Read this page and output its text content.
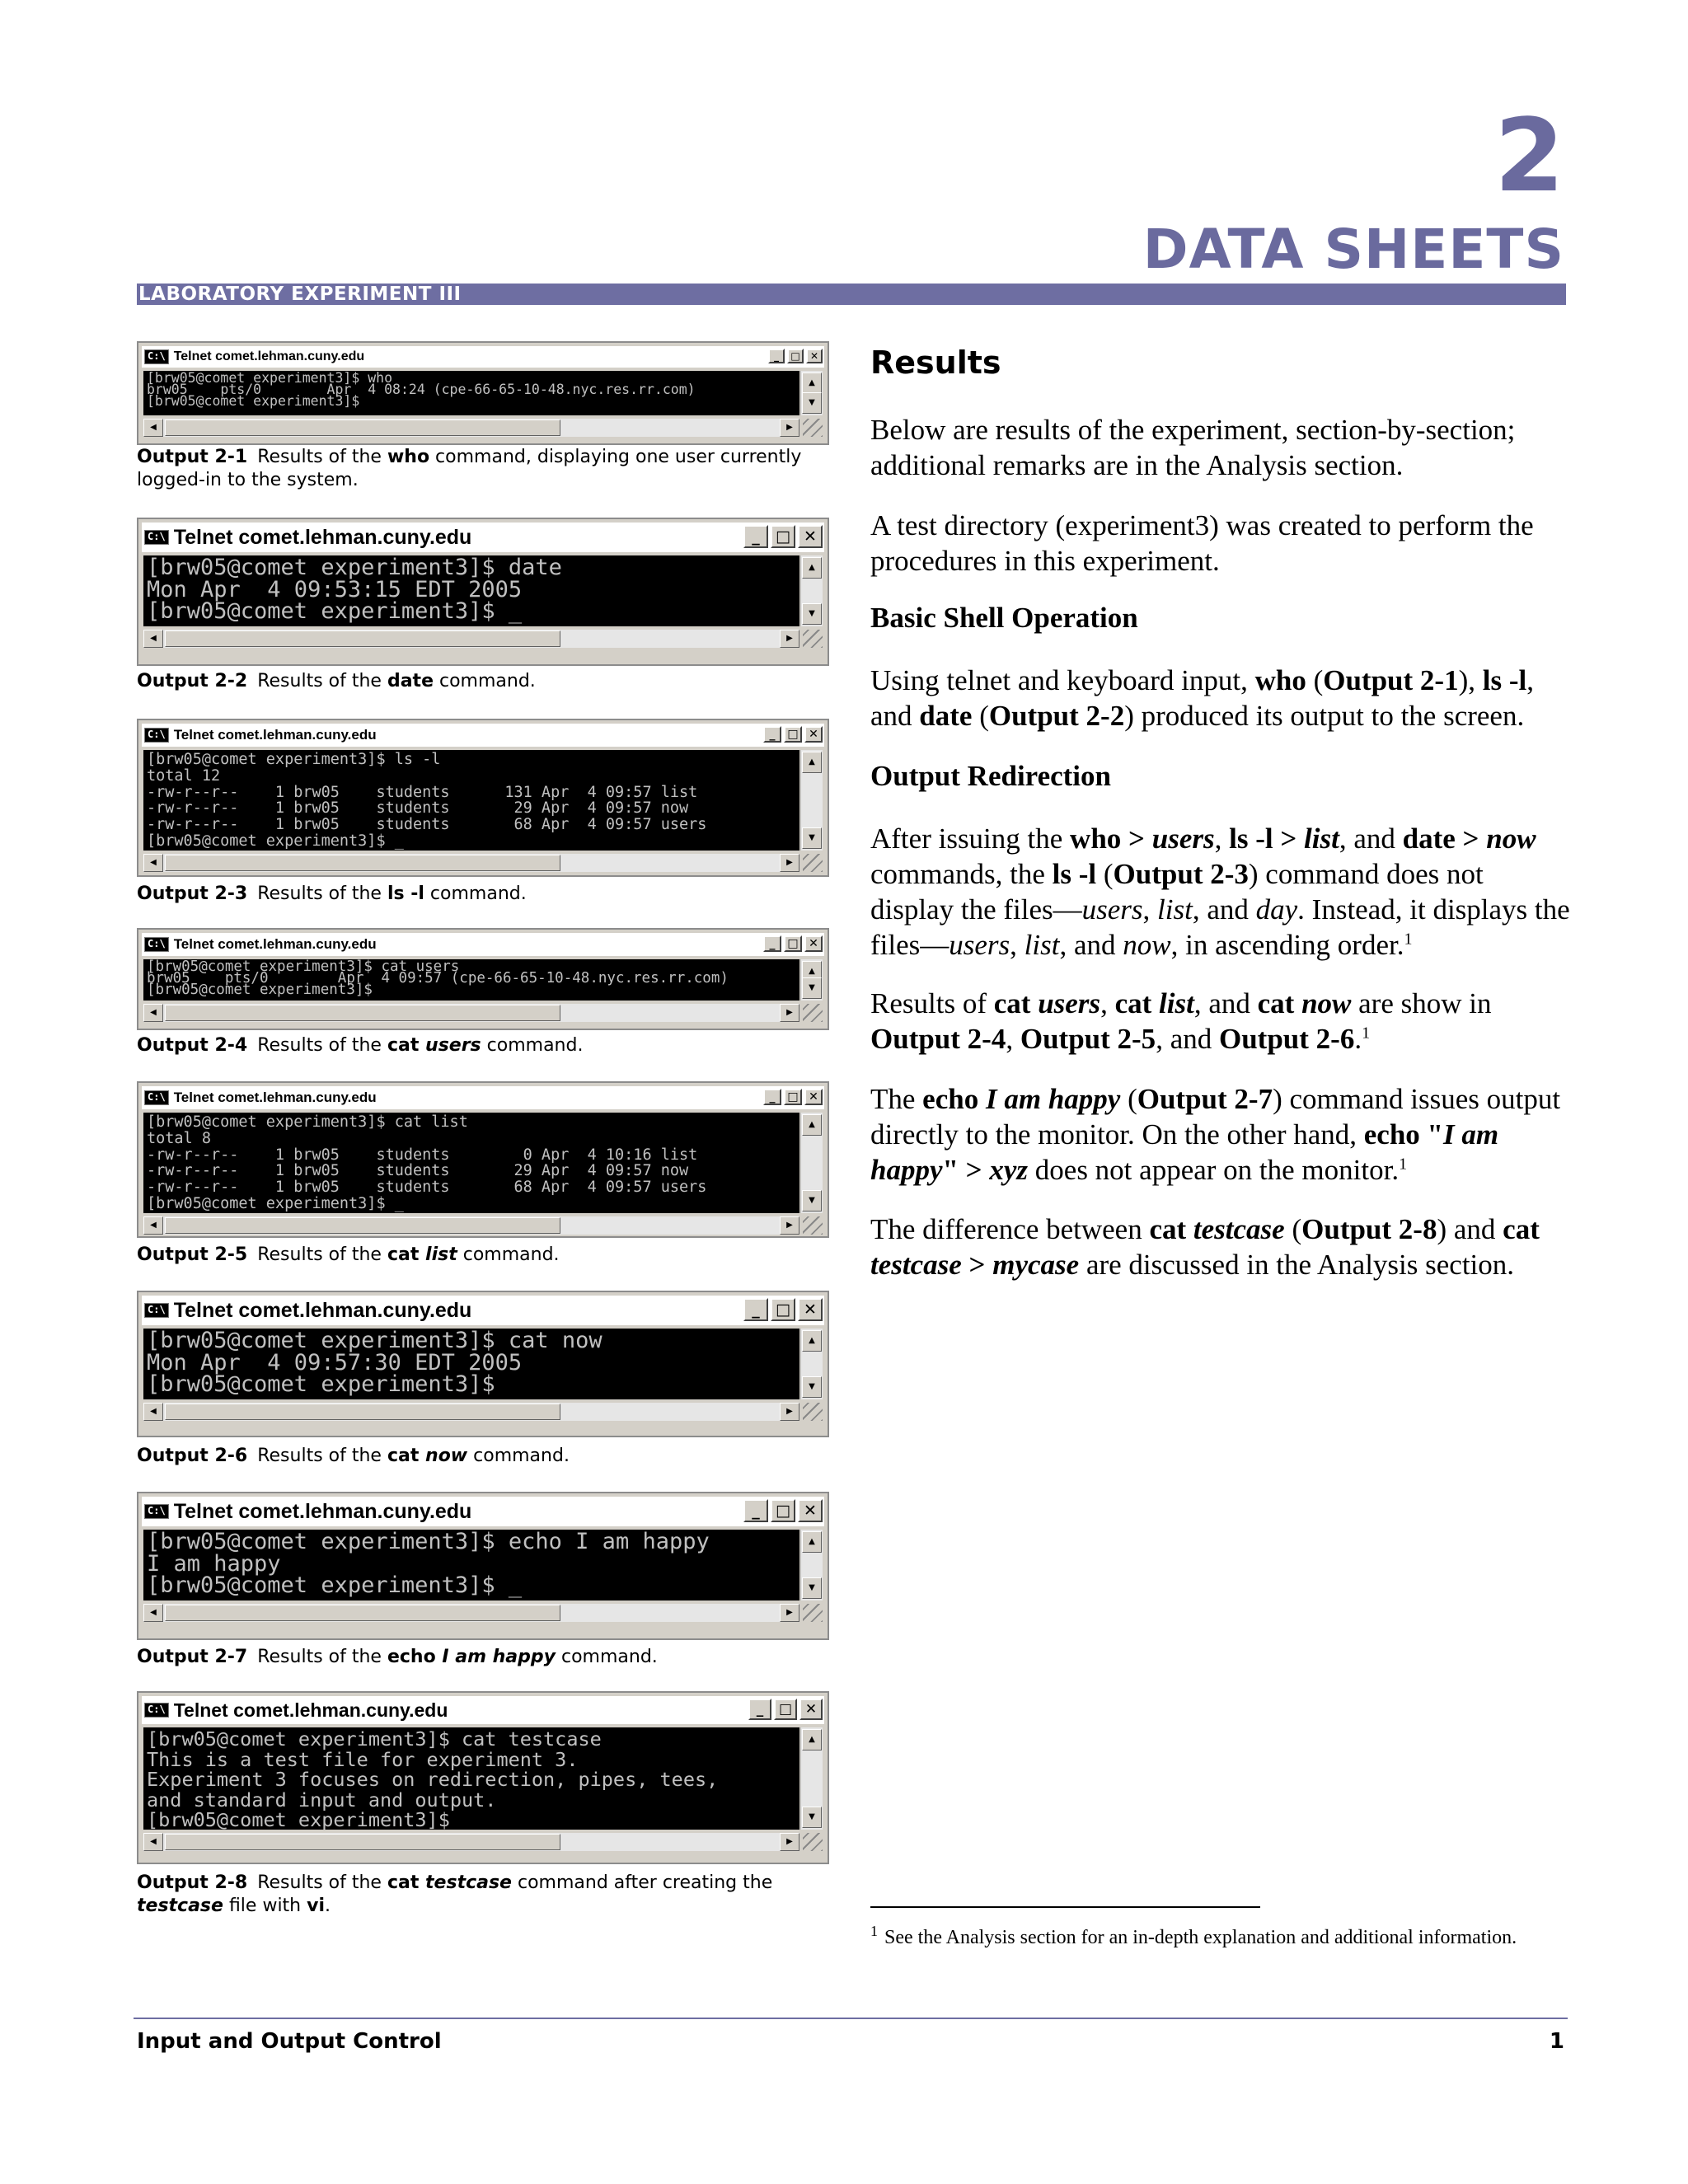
2
DATA SHEETS
LABORATORY EXPERIMENT III
C:\ Telnet comet.lehman.cuny.edu	_	□	✕
[brw05@comet experiment3]$ who
brw05    pts/0        Apr  4 08:24 (cpe-66-65-10-48.nyc.res.rr.com)
[brw05@comet experiment3]$
▲
▼
◀	▶
Output 2-1 Results of the who command, displaying one user currently logged-in to the system.
C:\ Telnet comet.lehman.cuny.edu	_	□ ✕
[brw05@comet experiment3]$ date
Mon Apr  4 09:53:15 EDT 2005
[brw05@comet experiment3]$ _
▲
▼
◀	▶
Output 2-2 Results of the date command.
C:\ Telnet comet.lehman.cuny.edu	_	□ ✕
[brw05@comet experiment3]$ ls -l
total 12
-rw-r--r--    1 brw05    students      131 Apr  4 09:57 list
-rw-r--r--    1 brw05    students       29 Apr  4 09:57 now
-rw-r--r--    1 brw05    students       68 Apr  4 09:57 users
[brw05@comet experiment3]$ _
▲
▼
◀	▶
Output 2-3 Results of the ls -l command.
C:\ Telnet comet.lehman.cuny.edu	_	□ ✕
[brw05@comet experiment3]$ cat users
brw05    pts/0        Apr  4 09:57 (cpe-66-65-10-48.nyc.res.rr.com)
[brw05@comet experiment3]$
▲
▼
◀	▶
Output 2-4 Results of the cat users command.
C:\ Telnet comet.lehman.cuny.edu	_	□ ✕
[brw05@comet experiment3]$ cat list
total 8
-rw-r--r--    1 brw05    students        0 Apr  4 10:16 list
-rw-r--r--    1 brw05    students       29 Apr  4 09:57 now
-rw-r--r--    1 brw05    students       68 Apr  4 09:57 users
[brw05@comet experiment3]$ _
▲
▼
◀	▶
Output 2-5 Results of the cat list command.
C:\ Telnet comet.lehman.cuny.edu	_	□ ✕
[brw05@comet experiment3]$ cat now
Mon Apr  4 09:57:30 EDT 2005
[brw05@comet experiment3]$
▲
▼
◀	▶
Output 2-6 Results of the cat now command.
C:\ Telnet comet.lehman.cuny.edu	_	□ ✕
[brw05@comet experiment3]$ echo I am happy
I am happy
[brw05@comet experiment3]$ _
▲
▼
◀	▶
Output 2-7 Results of the echo I am happy command.
C:\ Telnet comet.lehman.cuny.edu	_	□ ✕
[brw05@comet experiment3]$ cat testcase
This is a test file for experiment 3.
Experiment 3 focuses on redirection, pipes, tees,
and standard input and output.
[brw05@comet experiment3]$
▲
▼
◀	▶
Output 2-8 Results of the cat testcase command after creating the testcase file with vi.
Results
Below are results of the experiment, section-by-section; additional remarks are in the Analysis section.
A test directory (experiment3) was created to perform the procedures in this experiment.
Basic Shell Operation
Using telnet and keyboard input, who (Output 2-1), ls -l, and date (Output 2-2) produced its output to the screen.
Output Redirection
After issuing the who > users, ls -l > list, and date > now commands, the ls -l (Output 2-3) command does not display the files—users, list, and day. Instead, it displays the files—users, list, and now, in ascending order.$^1$
Results of cat users, cat list, and cat now are show in Output 2-4, Output 2-5, and Output 2-6.$^1$
The echo I am happy (Output 2-7) command issues output directly to the monitor. On the other hand, echo "I am happy" > xyz does not appear on the monitor.$^1$
The difference between cat testcase (Output 2-8) and cat testcase > mycase are discussed in the Analysis section.
$^1$ See the Analysis section for an in-depth explanation and additional information.
Input and Output Control	1
